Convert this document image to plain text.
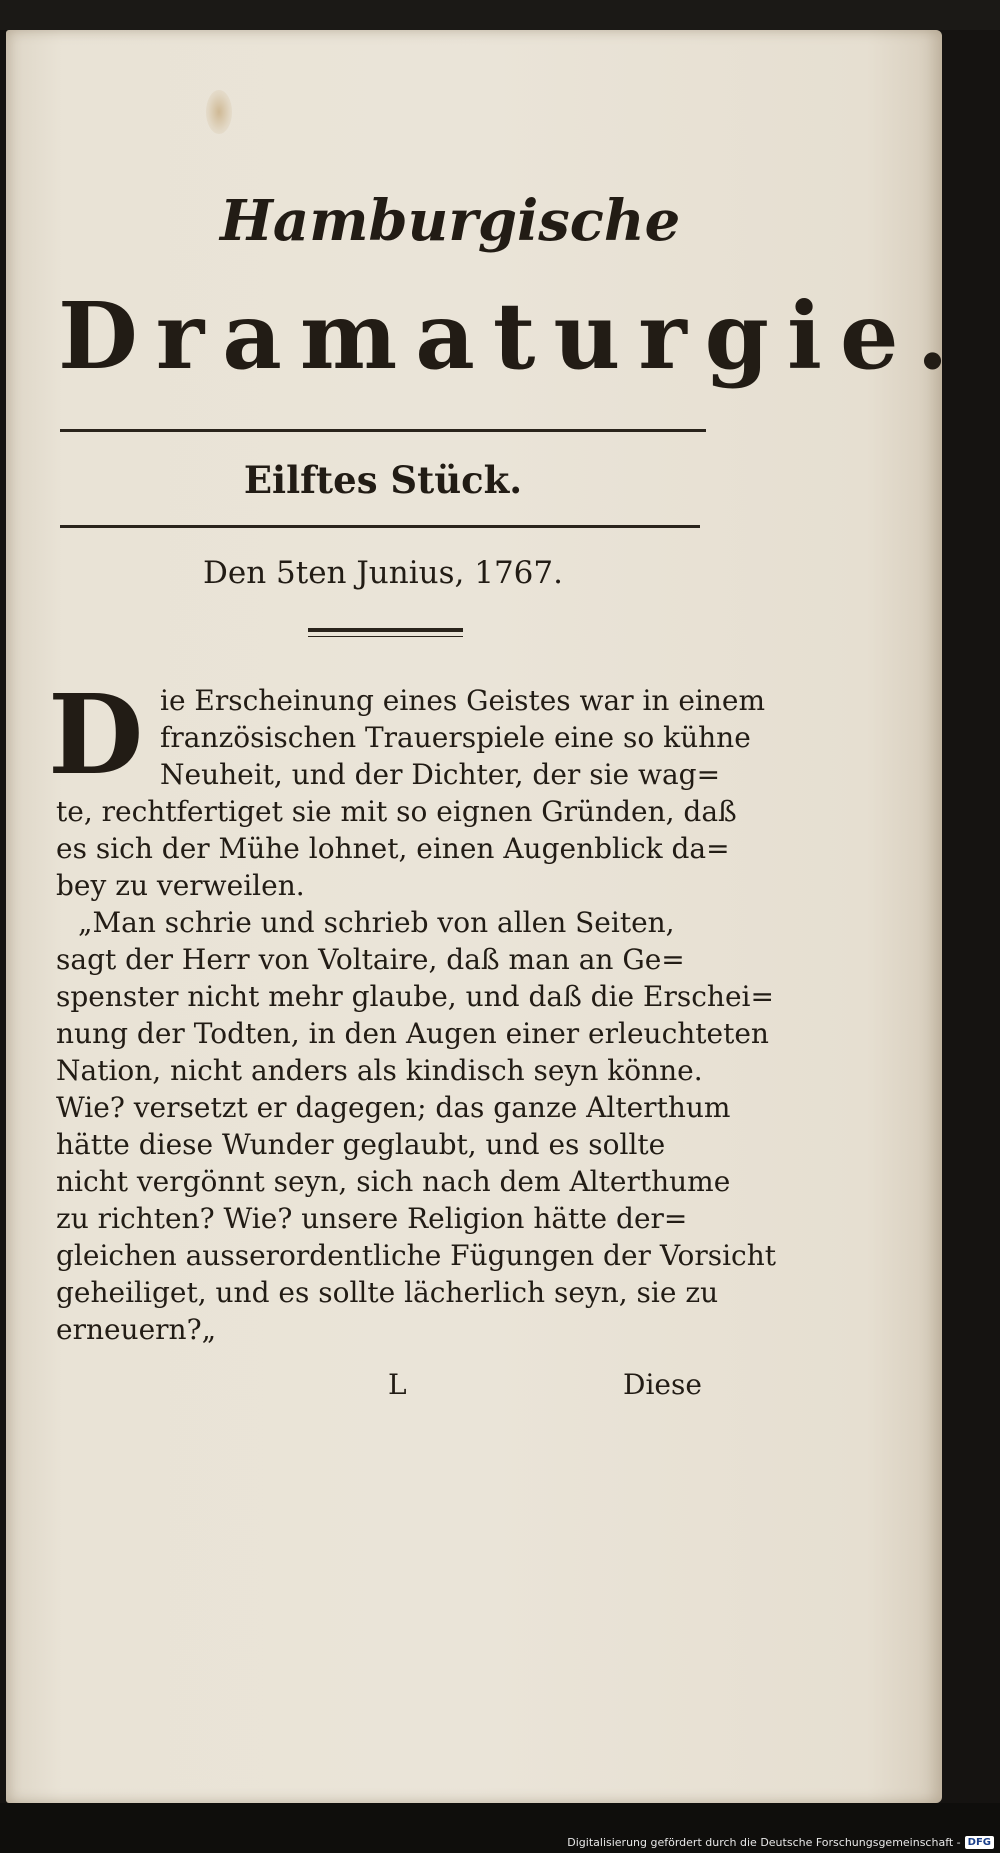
Hamburgische
Dramaturgie.
Eilftes Stück.
Den 5ten Junius, 1767.
D ie Erscheinung eines Geistes war in einem
französischen Trauerspiele eine so kühne
Neuheit, und der Dichter, der sie wag=
te, rechtfertiget sie mit so eignen Gründen, daß
es sich der Mühe lohnet, einen Augenblick da=
bey zu verweilen.
„Man schrie und schrieb von allen Seiten,
sagt der Herr von Voltaire, daß man an Ge=
spenster nicht mehr glaube, und daß die Erschei=
nung der Todten, in den Augen einer erleuchteten
Nation, nicht anders als kindisch seyn könne.
Wie? versetzt er dagegen; das ganze Alterthum
hätte diese Wunder geglaubt, und es sollte
nicht vergönnt seyn, sich nach dem Alterthume
zu richten? Wie? unsere Religion hätte der=
gleichen ausserordentliche Fügungen der Vorsicht
geheiliget, und es sollte lächerlich seyn, sie zu
erneuern?„
L	Diese
Digitalisierung gefördert durch die Deutsche Forschungsgemeinschaft - DFG
